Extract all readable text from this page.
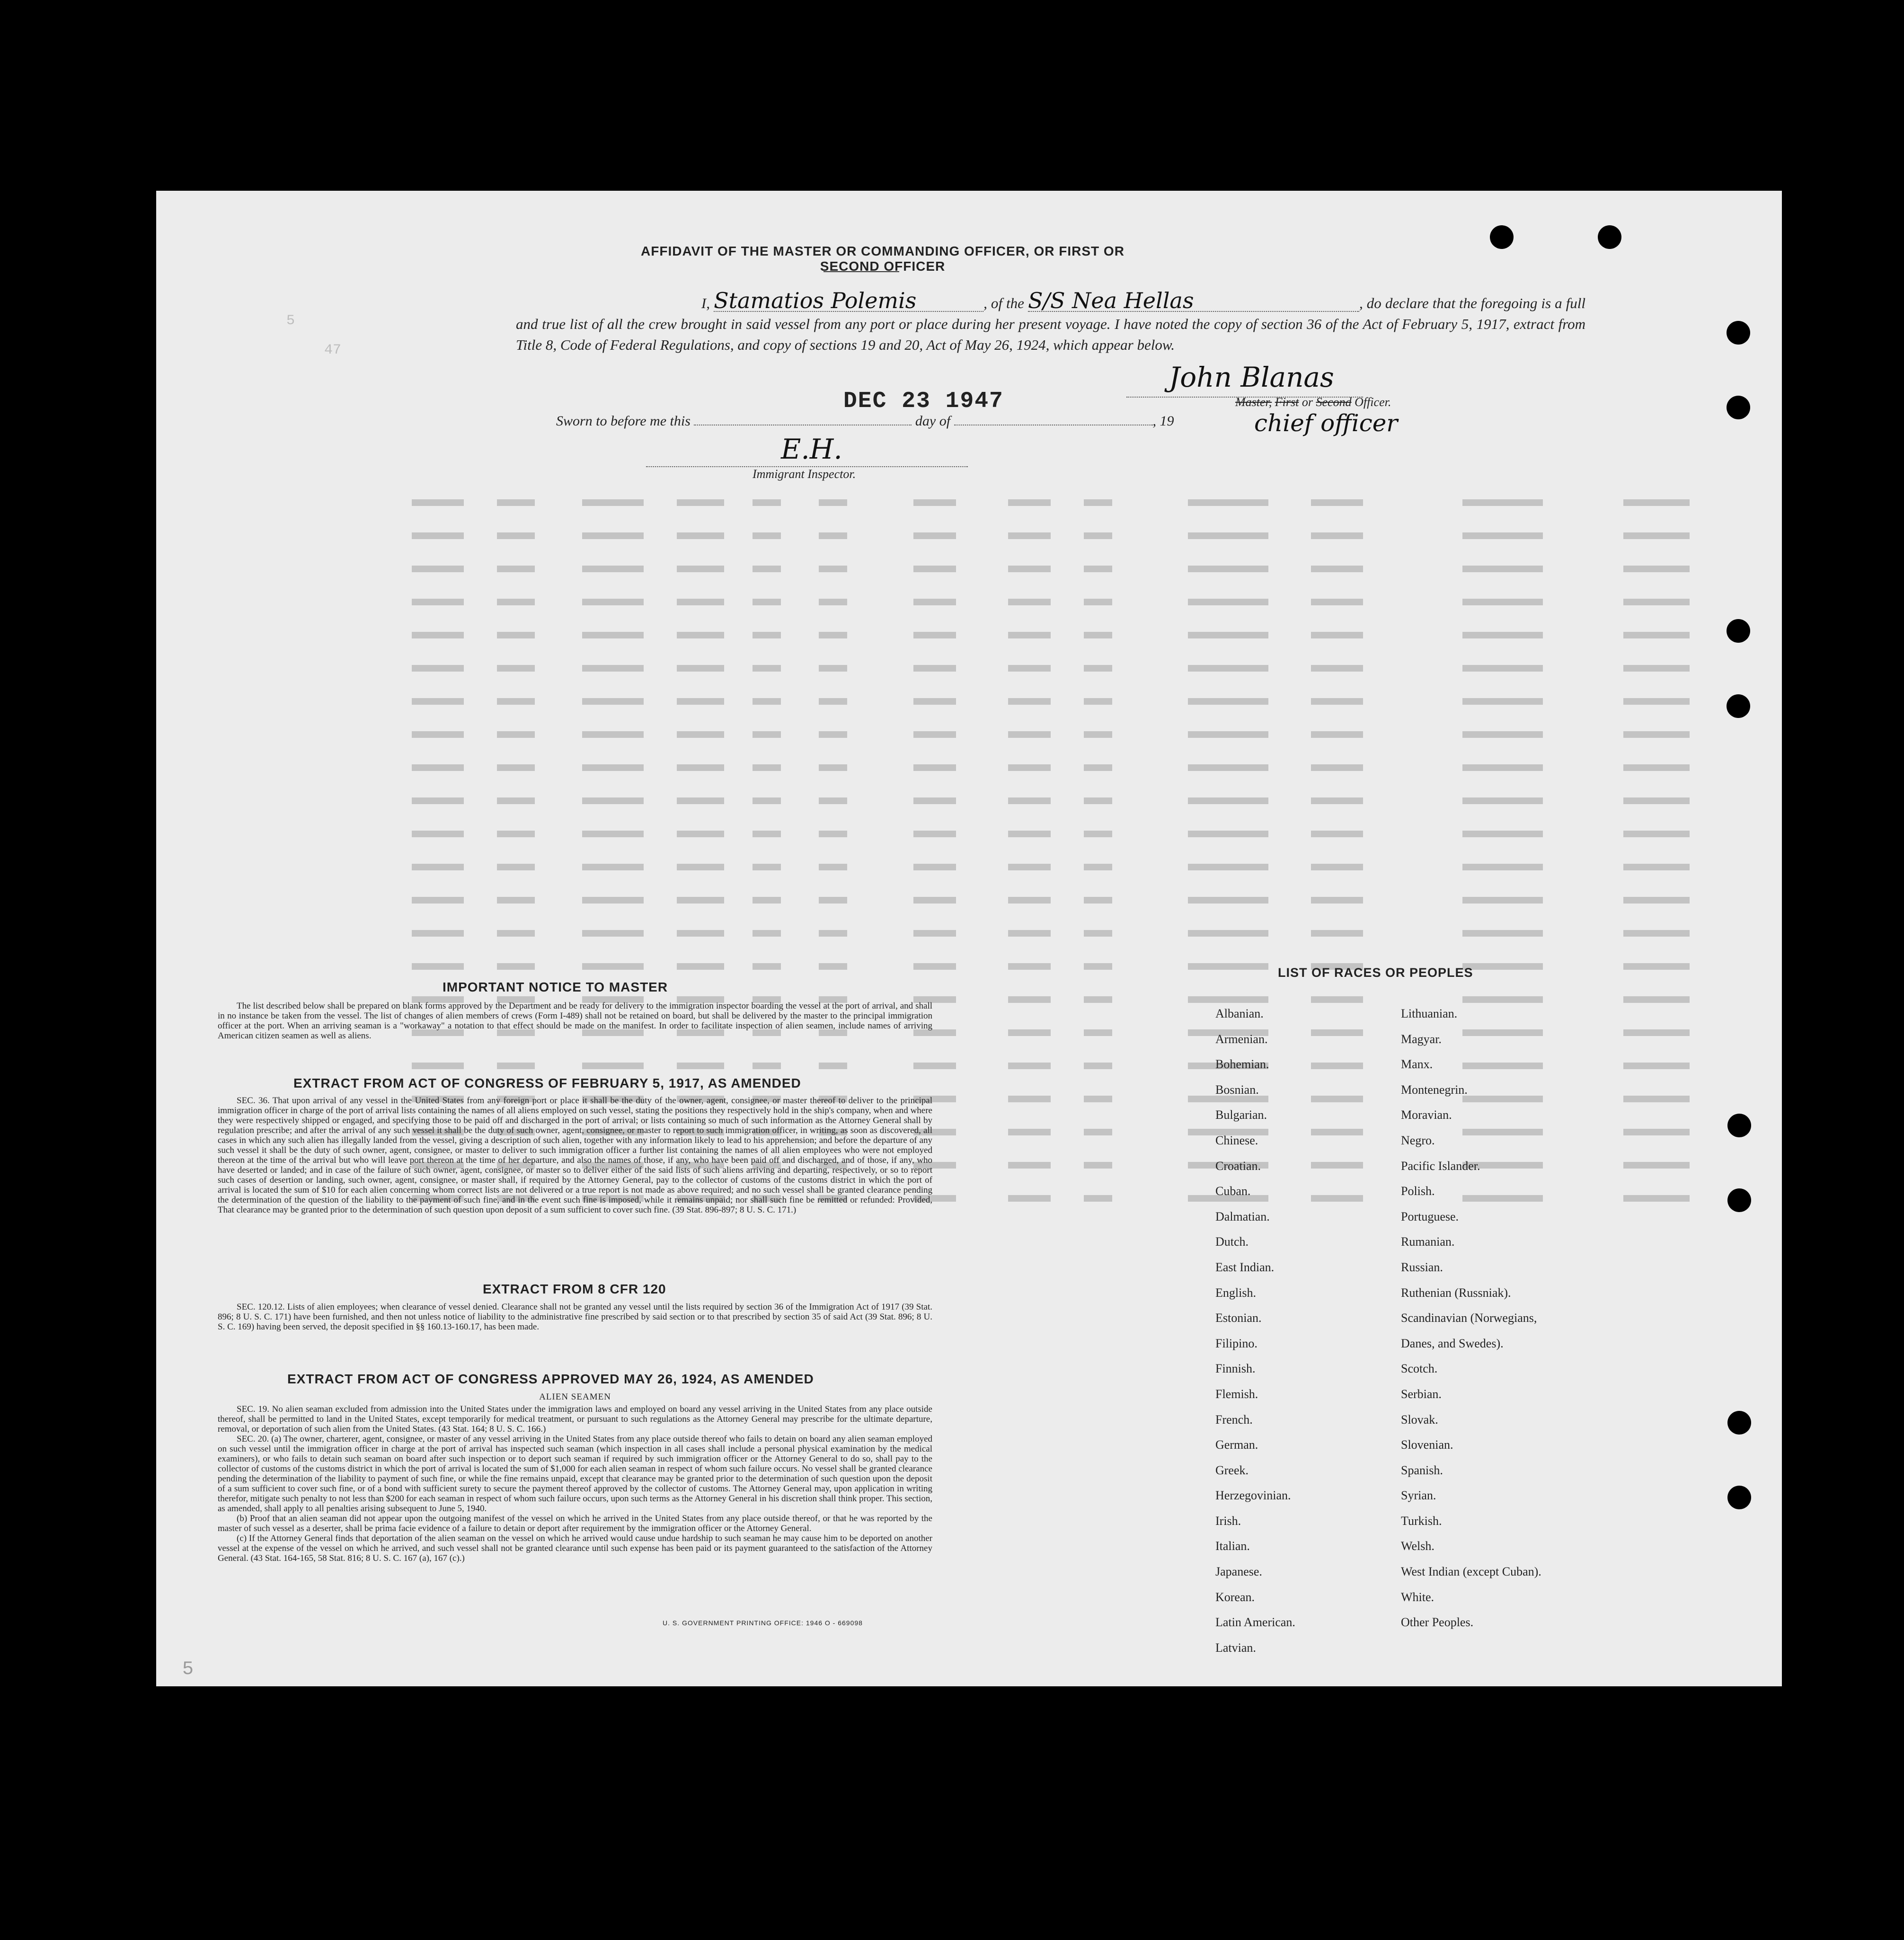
5
47
AFFIDAVIT OF THE MASTER OR COMMANDING OFFICER, OR FIRST OR SECOND OFFICER
I, Stamatios Polemis	, of the S/S Nea Hellas	, do declare that the foregoing is a full and true list of all the crew brought in said vessel from any port or place during her present voyage. I have noted the copy of section 36 of the Act of February 5, 1917, extract from Title 8, Code of Federal Regulations, and copy of sections 19 and 20, Act of May 26, 1924, which appear below.
DEC 23 1947
John Blanas
Master, First or Second Officer.
chief officer
Sworn to before me this	day of	, 19
E.H.
Immigrant Inspector.
IMPORTANT NOTICE TO MASTER
The list described below shall be prepared on blank forms approved by the Department and be ready for delivery to the immigration inspector boarding the vessel at the port of arrival, and shall in no instance be taken from the vessel. The list of changes of alien members of crews (Form I-489) shall not be retained on board, but shall be delivered by the master to the principal immigration officer at the port. When an arriving seaman is a "workaway" a notation to that effect should be made on the manifest. In order to facilitate inspection of alien seamen, include names of arriving American citizen seamen as well as aliens.
EXTRACT FROM ACT OF CONGRESS OF FEBRUARY 5, 1917, AS AMENDED
SEC. 36. That upon arrival of any vessel in the United States from any foreign port or place it shall be the duty of the owner, agent, consignee, or master thereof to deliver to the principal immigration officer in charge of the port of arrival lists containing the names of all aliens employed on such vessel, stating the positions they respectively hold in the ship's company, when and where they were respectively shipped or engaged, and specifying those to be paid off and discharged in the port of arrival; or lists containing so much of such information as the Attorney General shall by regulation prescribe; and after the arrival of any such vessel it shall be the duty of such owner, agent, consignee, or master to report to such immigration officer, in writing, as soon as discovered, all cases in which any such alien has illegally landed from the vessel, giving a description of such alien, together with any information likely to lead to his apprehension; and before the departure of any such vessel it shall be the duty of such owner, agent, consignee, or master to deliver to such immigration officer a further list containing the names of all alien employees who were not employed thereon at the time of the arrival but who will leave port thereon at the time of her departure, and also the names of those, if any, who have been paid off and discharged, and of those, if any, who have deserted or landed; and in case of the failure of such owner, agent, consignee, or master so to deliver either of the said lists of such aliens arriving and departing, respectively, or so to report such cases of desertion or landing, such owner, agent, consignee, or master shall, if required by the Attorney General, pay to the collector of customs of the customs district in which the port of arrival is located the sum of $10 for each alien concerning whom correct lists are not delivered or a true report is not made as above required; and no such vessel shall be granted clearance pending the determination of the question of the liability to the payment of such fine, and in the event such fine is imposed, while it remains unpaid; nor shall such fine be remitted or refunded: Provided, That clearance may be granted prior to the determination of such question upon deposit of a sum sufficient to cover such fine. (39 Stat. 896-897; 8 U. S. C. 171.)
EXTRACT FROM 8 CFR 120
SEC. 120.12. Lists of alien employees; when clearance of vessel denied. Clearance shall not be granted any vessel until the lists required by section 36 of the Immigration Act of 1917 (39 Stat. 896; 8 U. S. C. 171) have been furnished, and then not unless notice of liability to the administrative fine prescribed by said section or to that prescribed by section 35 of said Act (39 Stat. 896; 8 U. S. C. 169) having been served, the deposit specified in §§ 160.13-160.17, has been made.
EXTRACT FROM ACT OF CONGRESS APPROVED MAY 26, 1924, AS AMENDED
ALIEN SEAMEN
SEC. 19. No alien seaman excluded from admission into the United States under the immigration laws and employed on board any vessel arriving in the United States from any place outside thereof, shall be permitted to land in the United States, except temporarily for medical treatment, or pursuant to such regulations as the Attorney General may prescribe for the ultimate departure, removal, or deportation of such alien from the United States. (43 Stat. 164; 8 U. S. C. 166.)
SEC. 20. (a) The owner, charterer, agent, consignee, or master of any vessel arriving in the United States from any place outside thereof who fails to detain on board any alien seaman employed on such vessel until the immigration officer in charge at the port of arrival has inspected such seaman (which inspection in all cases shall include a personal physical examination by the medical examiners), or who fails to detain such seaman on board after such inspection or to deport such seaman if required by such immigration officer or the Attorney General to do so, shall pay to the collector of customs of the customs district in which the port of arrival is located the sum of $1,000 for each alien seaman in respect of whom such failure occurs. No vessel shall be granted clearance pending the determination of the liability to payment of such fine, or while the fine remains unpaid, except that clearance may be granted prior to the determination of such question upon the deposit of a sum sufficient to cover such fine, or of a bond with sufficient surety to secure the payment thereof approved by the collector of customs. The Attorney General may, upon application in writing therefor, mitigate such penalty to not less than $200 for each seaman in respect of whom such failure occurs, upon such terms as the Attorney General in his discretion shall think proper. This section, as amended, shall apply to all penalties arising subsequent to June 5, 1940.
(b) Proof that an alien seaman did not appear upon the outgoing manifest of the vessel on which he arrived in the United States from any place outside thereof, or that he was reported by the master of such vessel as a deserter, shall be prima facie evidence of a failure to detain or deport after requirement by the immigration officer or the Attorney General.
(c) If the Attorney General finds that deportation of the alien seaman on the vessel on which he arrived would cause undue hardship to such seaman he may cause him to be deported on another vessel at the expense of the vessel on which he arrived, and such vessel shall not be granted clearance until such expense has been paid or its payment guaranteed to the satisfaction of the Attorney General. (43 Stat. 164-165, 58 Stat. 816; 8 U. S. C. 167 (a), 167 (c).)
LIST OF RACES OR PEOPLES
Albanian.
Armenian.
Bohemian.
Bosnian.
Bulgarian.
Chinese.
Croatian.
Cuban.
Dalmatian.
Dutch.
East Indian.
English.
Estonian.
Filipino.
Finnish.
Flemish.
French.
German.
Greek.
Herzegovinian.
Irish.
Italian.
Japanese.
Korean.
Latin American.
Latvian.
Lithuanian.
Magyar.
Manx.
Montenegrin.
Moravian.
Negro.
Pacific Islander.
Polish.
Portuguese.
Rumanian.
Russian.
Ruthenian (Russniak).
Scandinavian (Norwegians,
Danes, and Swedes).
Scotch.
Serbian.
Slovak.
Slovenian.
Spanish.
Syrian.
Turkish.
Welsh.
West Indian (except Cuban).
White.
Other Peoples.
U. S. GOVERNMENT PRINTING OFFICE: 1946 O - 669098
5
